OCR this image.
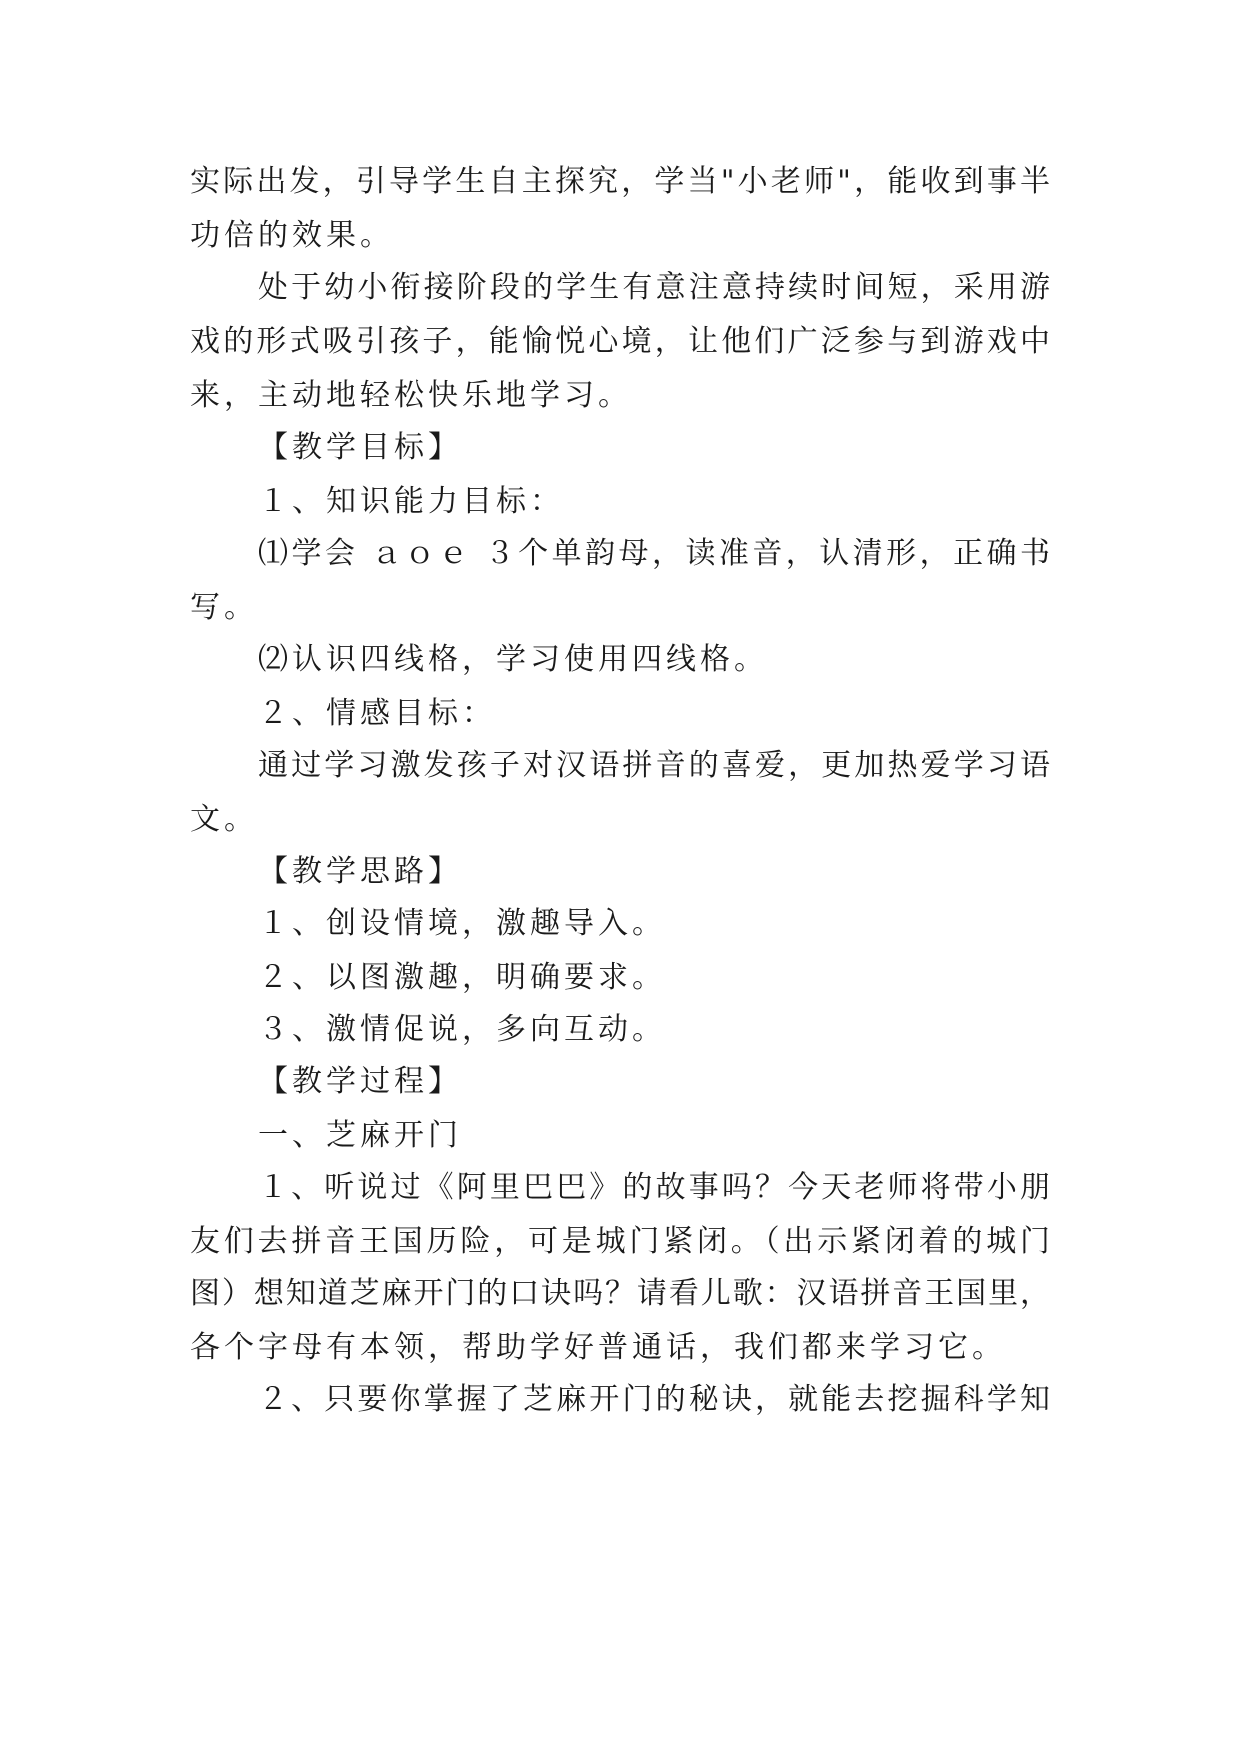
实际出发，引导学生自主探究，学当"小老师"，能收到事半
功倍的效果。
处于幼小衔接阶段的学生有意注意持续时间短，采用游
戏的形式吸引孩子，能愉悦心境，让他们广泛参与到游戏中
来，主动地轻松快乐地学习。
【教学目标】
１、知识能力目标：
⑴学会 ａｏｅ ３个单韵母，读准音，认清形，正确书
写。
⑵认识四线格，学习使用四线格。
２、情感目标：
通过学习激发孩子对汉语拼音的喜爱，更加热爱学习语
文。
【教学思路】
１、创设情境，激趣导入。
２、以图激趣，明确要求。
３、激情促说，多向互动。
【教学过程】
一、芝麻开门
１、听说过《阿里巴巴》的故事吗？今天老师将带小朋
友们去拼音王国历险，可是城门紧闭。（出示紧闭着的城门
图）想知道芝麻开门的口诀吗？请看儿歌：汉语拼音王国里，
各个字母有本领，帮助学好普通话，我们都来学习它。
２、只要你掌握了芝麻开门的秘诀，就能去挖掘科学知
